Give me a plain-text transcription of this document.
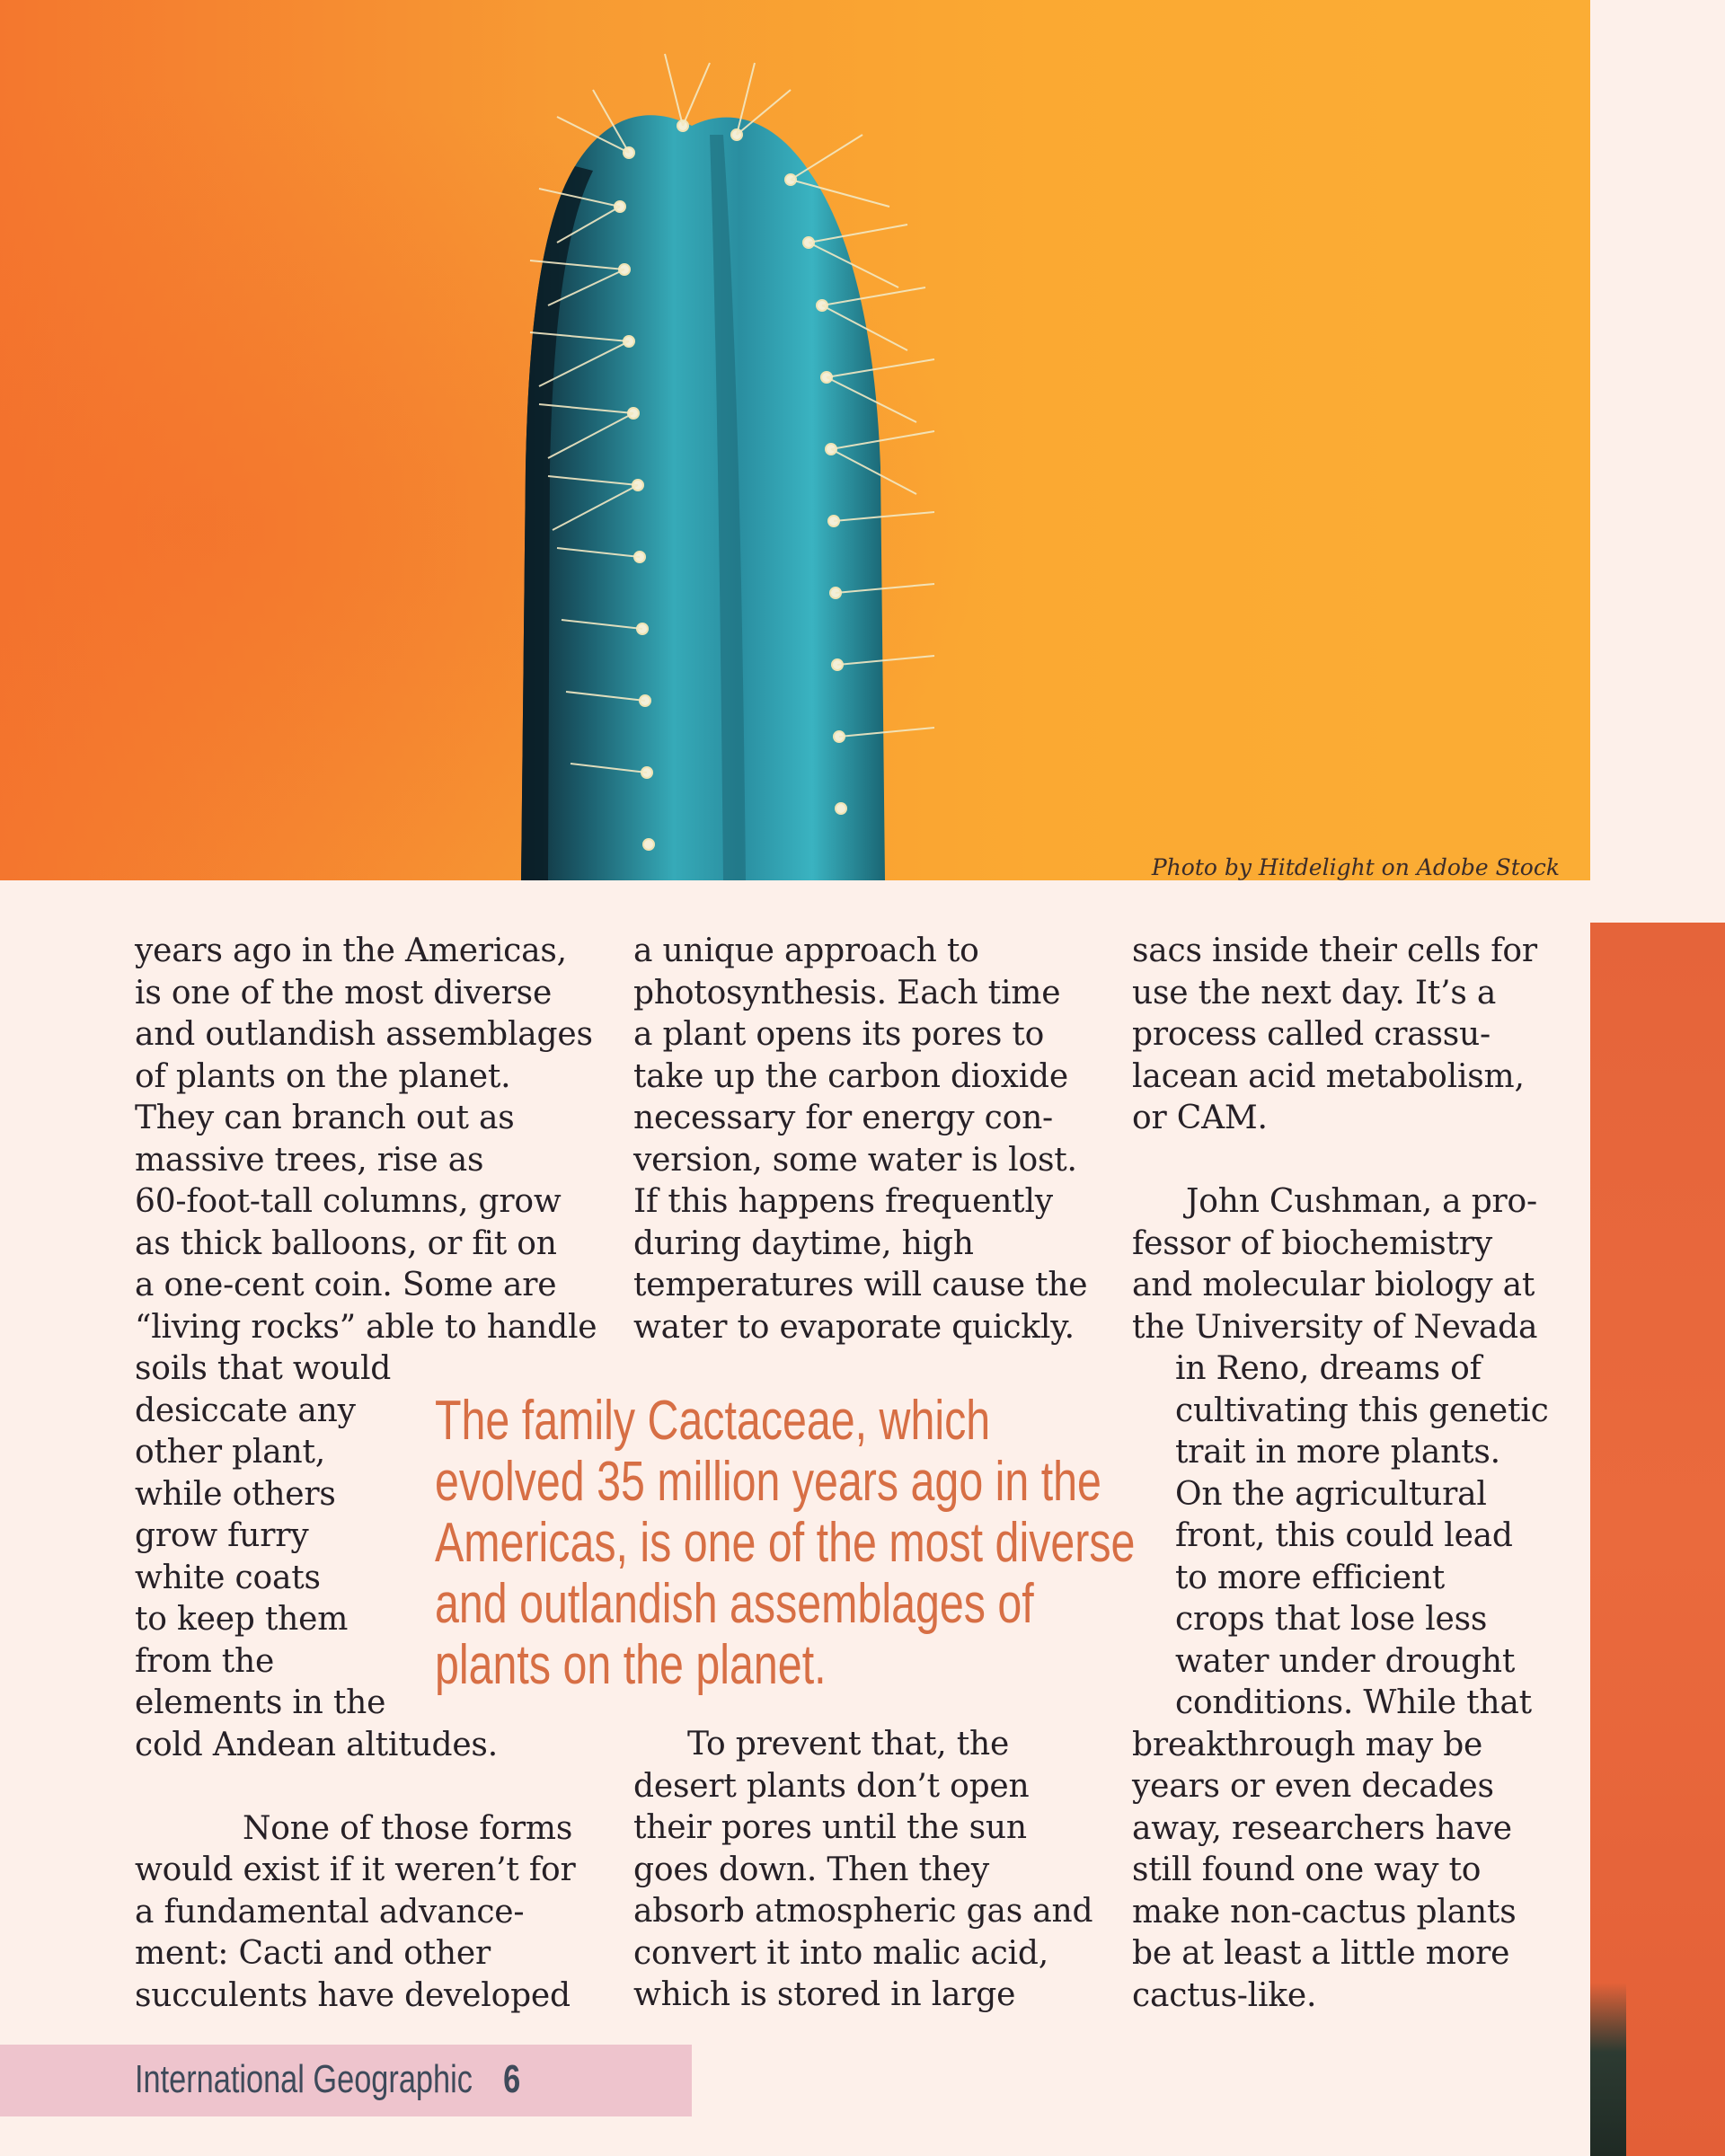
Photo by Hitdelight on Adobe Stock
years ago in the Americas,
is one of the most diverse
and outlandish assemblages
of plants on the planet.
They can branch out as
massive trees, rise as
60-foot-tall columns, grow
as thick balloons, or fit on
a one-cent coin. Some are
“living rocks” able to handle
soils that would
desiccate any
other plant,
while others
grow furry
white coats
to keep them
from the
elements in the
cold Andean altitudes.
None of those forms
would exist if it weren’t for
a fundamental advance-
ment: Cacti and other
succulents have developed
a unique approach to
photosynthesis. Each time
a plant opens its pores to
take up the carbon dioxide
necessary for energy con-
version, some water is lost.
If this happens frequently
during daytime, high
temperatures will cause the
water to evaporate quickly.
To prevent that, the
desert plants don’t open
their pores until the sun
goes down. Then they
absorb atmospheric gas and
convert it into malic acid,
which is stored in large
sacs inside their cells for
use the next day. It’s a
process called crassu-
lacean acid metabolism,
or CAM.
John Cushman, a pro-
fessor of biochemistry
and molecular biology at
the University of Nevada
in Reno, dreams of
cultivating this genetic
trait in more plants.
On the agricultural
front, this could lead
to more efficient
crops that lose less
water under drought
conditions. While that
breakthrough may be
years or even decades
away, researchers have
still found one way to
make non-cactus plants
be at least a little more
cactus-like.
The family Cactaceae, which
evolved 35 million years ago in the
Americas, is one of the most diverse
and outlandish assemblages of
plants on the planet.
International Geographic 6
